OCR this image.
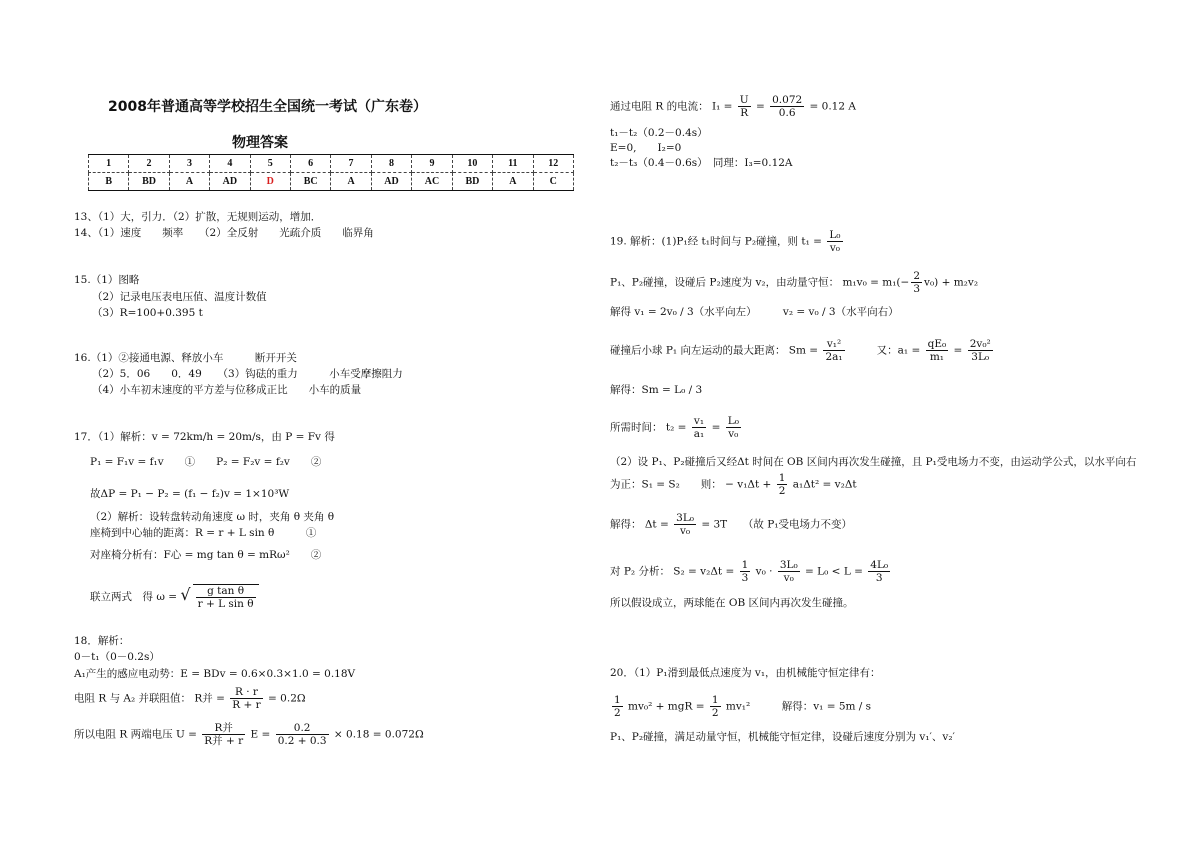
2008年普通高等学校招生全国统一考试（广东卷）
物理答案
1	2	3	4	5	6	7	8	9	10	11	12
B	BD	A	AD	D	BC	A	AD	AC	BD	A	C
13、（1）大，引力．（2）扩散，无规则运动，增加．
14、（1）速度　　频率　　（2）全反射　　光疏介质　　临界角
15.（1）图略
（2）记录电压表电压值、温度计数值
（3）R=100+0.395 t
16.（1）②接通电源、释放小车　　　断开开关
（2）5．06　　0．49　　（3）钩砝的重力　　　小车受摩擦阻力
（4）小车初末速度的平方差与位移成正比　　小车的质量
17．（1）解析：v = 72km/h = 20m/s，由 P = Fv 得
P₁ = F₁v = f₁v　　①　　P₂ = F₂v = f₂v　　②
故ΔP = P₁ − P₂ = (f₁ − f₂)v = 1×10³W
（2）解析：设转盘转动角速度 ω 时，夹角 θ 夹角 θ
座椅到中心轴的距离：R = r + L sin θ　　　①
对座椅分析有：F心 = mg tan θ = mRω²　　②
联立两式　得 ω = √ $\frac{\text{g tan θ}}{\text{r + L sin θ}}$
18．解析：
0－t₁（0－0.2s）
A₁产生的感应电动势：E = BDv = 0.6×0.3×1.0 = 0.18V
电阻 R 与 A₂ 并联阻值： R并 = $\frac{R \cdot r}{R + r} = 0.2\Omega$
所以电阻 R 两端电压 $U = \frac{\text{R并}}{\text{R并 + r}}$ $E = \frac{0.2}{0.2 + 0.3} \times 0.18 = 0.072\Omega$
通过电阻 R 的电流： $I_1 = \frac{U}{R} = \frac{0.072}{0.6} = 0.12$ A
t₁－t₂（0.2－0.4s）
E=0,　　I₂=0
t₂－t₃（0.4－0.6s）　同理：I₃=0.12A
19. 解析：(1)P₁经 t₁时间与 P₂碰撞，则 $t_1 = \frac{\text{L₀}}{\text{v₀}}$
P₁、P₂碰撞，设碰后 P₂速度为 v₂，由动量守恒： $m_1v_0 = m_1(- \frac{2}{3} v_0) + m_2v_2$
解得 v₁ = 2v₀ / 3（水平向左）　　　v₂ = v₀ / 3（水平向右）
碰撞后小球 P₁ 向左运动的最大距离： $Sm = \frac{\text{v₁²}}{\text{2a₁}}$	又：$a_1 = \frac{\text{qE₀}}{\text{m₁}} = \frac{\text{2v₀²}}{\text{3L₀}}$
解得：Sm = L₀ / 3
所需时间： $t_2 = \frac{\text{v₁}}{\text{a₁}} = \frac{\text{L₀}}{\text{v₀}}$
（2）设 P₁、P₂碰撞后又经Δt 时间在 OB 区间内再次发生碰撞，且 P₁受电场力不变，由运动学公式，以水平向右
为正：S₁ = S₂　　则： − $v_1\Delta t + \frac{1}{2} a_1\Delta t^2 = v_2\Delta t$
解得： $\Delta t = \frac{\text{3L₀}}{\text{v₀}} = 3T$　　（故 P₁受电场力不变）
对 P₂ 分析： $S_2 = v_2\Delta t = \frac{1}{3} v_0 \cdot \frac{\text{3L₀}}{\text{v₀}} = L_0 < L = \frac{\text{4L₀}}{3}$
所以假设成立，两球能在 OB 区间内再次发生碰撞。
20．（1）P₁滑到最低点速度为 v₁，由机械能守恒定律有：
$\frac{1}{2} mv_0^2$ + mgR = $\frac{1}{2} mv_1^2$　　　解得：v₁ = 5m / s
P₁、P₂碰撞，满足动量守恒，机械能守恒定律，设碰后速度分别为 v₁′、v₂′
